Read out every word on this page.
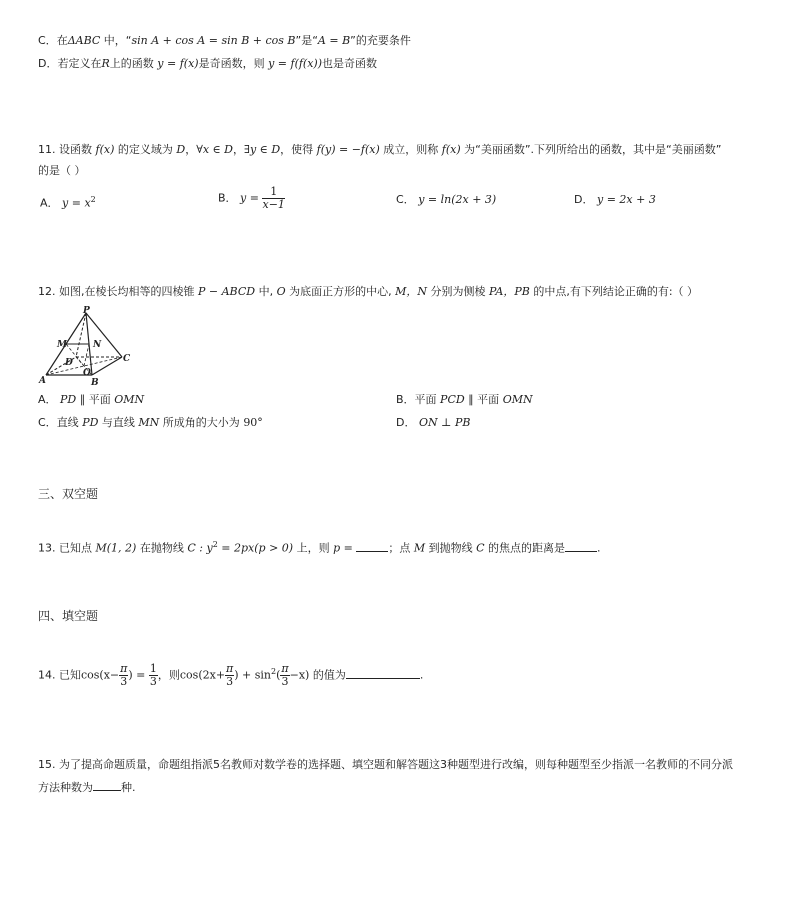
C．在ΔABC 中，“sin A + cos A = sin B + cos B”是“A = B”的充要条件
D．若定义在R上的函数 y = f(x)是奇函数，则 y = f(f(x))也是奇函数
11. 设函数 f(x) 的定义域为 D，∀x ∈ D，∃y ∈ D，使得 f(y) = −f(x) 成立，则称 f(x) 为“美丽函数”.下列所给出的函数，其中是“美丽函数”
的是（ ）
A． $y = x^2$	B． $y = \frac{1}{x-1}$	C． y = ln(2x + 3)	D． y = 2x + 3
12. 如图,在棱长均相等的四棱锥 P − ABCD 中, O 为底面正方形的中心, M，N 分别为侧棱 PA，PB 的中点,有下列结论正确的有:（ ）
P
M	N
D	C
O
A	B
A． PD ∥ 平面 OMN	B．平面 PCD ∥ 平面 OMN
C．直线 PD 与直线 MN 所成角的大小为 90°	D． ON ⊥ PB
三、双空题
13. 已知点 M(1, 2) 在抛物线 C : $y^2 = 2px(p > 0)$ 上，则 p =	；点 M 到抛物线 C 的焦点的距离是	.
四、填空题
14. 已知$\cos(x- \frac{\pi}{3}$ ) = $\frac{1}{3}$ ，则$\cos(2x+ \frac{\pi}{3}$ ) + $\sin^2( \frac{\pi}{3} -x)$ 的值为	.
15. 为了提高命题质量，命题组指派5名教师对数学卷的选择题、填空题和解答题这3种题型进行改编，则每种题型至少指派一名教师的不同分派
方法种数为	种.
